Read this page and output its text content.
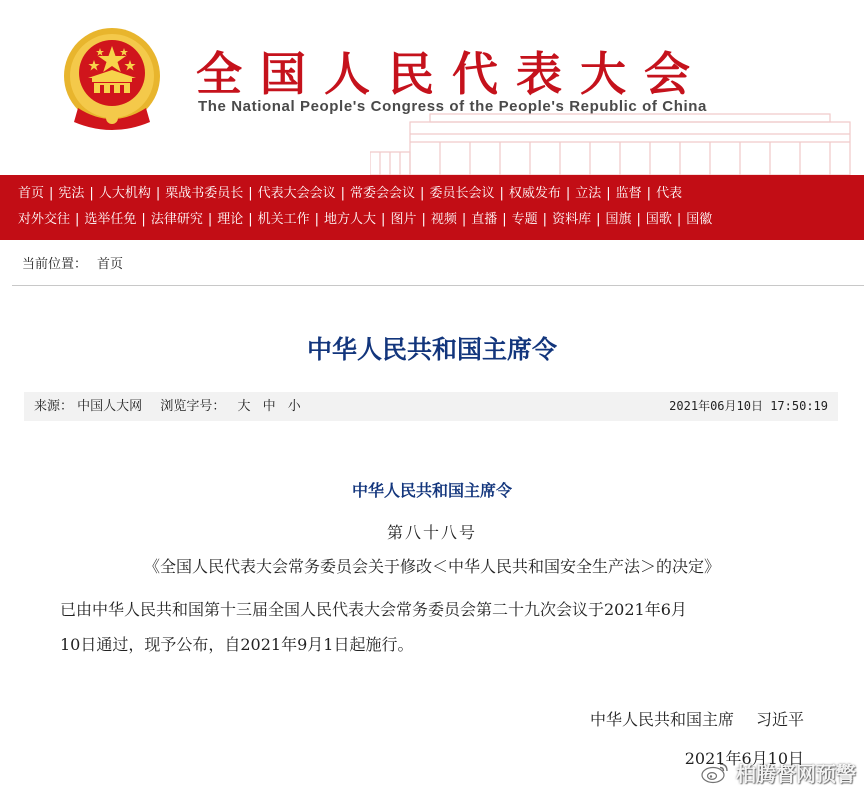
全国人民代表大会
The National People's Congress of the People's Republic of China
首页 | 宪法 | 人大机构 | 栗战书委员长 | 代表大会会议 | 常委会会议 | 委员长会议 | 权威发布 | 立法 | 监督 | 代表
对外交往 | 选举任免 | 法律研究 | 理论 | 机关工作 | 地方人大 | 图片 | 视频 | 直播 | 专题 | 资料库 | 国旗 | 国歌 | 国徽
当前位置： 首页
中华人民共和国主席令
来源： 中国人大网 浏览字号： 大 中 小	2021年06月10日 17:50:19
中华人民共和国主席令
第八十八号
《全国人民代表大会常务委员会关于修改＜中华人民共和国安全生产法＞的决定》
已由中华人民共和国第十三届全国人民代表大会常务委员会第二十九次会议于2021年6月
10日通过，现予公布，自2021年9月1日起施行。
中华人民共和国主席 习近平
2021年6月10日
柏腾督网预警
